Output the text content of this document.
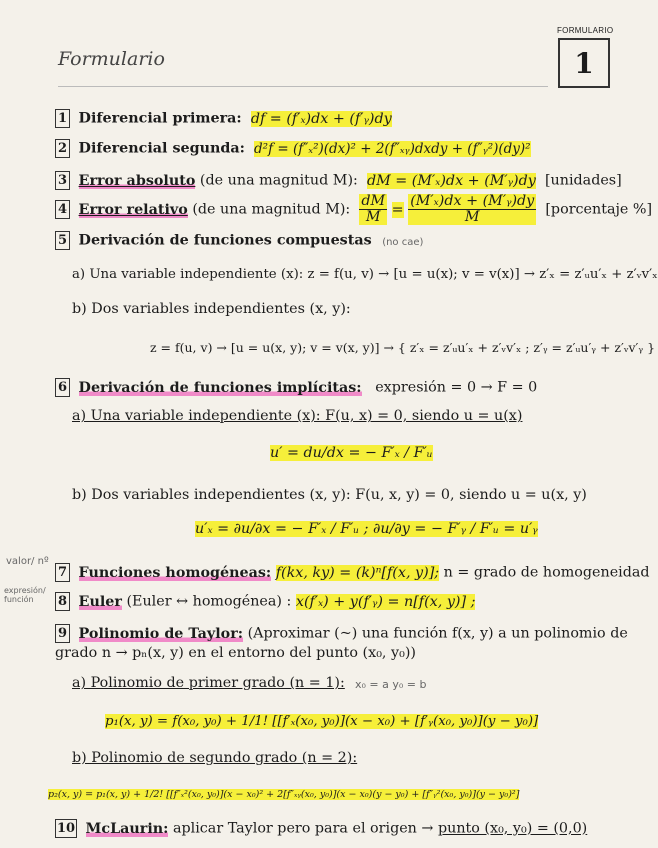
FORMULARIO
1
Formulario
1 Diferencial primera: df = (f′ₓ)dx + (f′ᵧ)dy
2 Diferencial segunda: d²f = (f″ₓ²)(dx)² + 2(f″ₓᵧ)dxdy + (f″ᵧ²)(dy)²
3 Error absoluto (de una magnitud M): dM = (M′ₓ)dx + (M′ᵧ)dy [unidades]
4 Error relativo (de una magnitud M): $\frac{dM}{M} = \frac{\text{(M′ₓ)dx + (M′ᵧ)dy}}{M}$ [porcentaje %]
5 Derivación de funciones compuestas (no cae)
a) Una variable independiente (x): z = f(u, v) → [u = u(x); v = v(x)] → z′ₓ = z′ᵤu′ₓ + z′ᵥv′ₓ
b) Dos variables independientes (x, y):
z = f(u, v) → [u = u(x, y); v = v(x, y)] → { z′ₓ = z′ᵤu′ₓ + z′ᵥv′ₓ ; z′ᵧ = z′ᵤu′ᵧ + z′ᵥv′ᵧ }
6 Derivación de funciones implícitas: expresión = 0 → F = 0
a) Una variable independiente (x): F(u, x) = 0, siendo u = u(x)
u′ = du/dx = − F′ₓ / F′ᵤ
b) Dos variables independientes (x, y): F(u, x, y) = 0, siendo u = u(x, y)
u′ₓ = ∂u/∂x = − F′ₓ / F′ᵤ ; ∂u/∂y = − F′ᵧ / F′ᵤ = u′ᵧ
valor/ nº
7 Funciones homogéneas: f(kx, ky) = (k)ⁿ[f(x, y)]; n = grado de homogeneidad
expresión/ función	8 Euler (Euler ↔ homogénea) : x(f′ₓ) + y(f′ᵧ) = n[f(x, y)] ;
9 Polinomio de Taylor: (Aproximar (~) una función f(x, y) a un polinomio de
grado n → pₙ(x, y) en el entorno del punto (x₀, y₀))
a) Polinomio de primer grado (n = 1): x₀ = a y₀ = b
p₁(x, y) = f(x₀, y₀) + 1/1! [[f′ₓ(x₀, y₀)](x − x₀) + [f′ᵧ(x₀, y₀)](y − y₀)]
b) Polinomio de segundo grado (n = 2):
p₂(x, y) = p₁(x, y) + 1/2! [[f″ₓ²(x₀, y₀)](x − x₀)² + 2[f″ₓᵧ(x₀, y₀)](x − x₀)(y − y₀) + [f″ᵧ²(x₀, y₀)](y − y₀)²]
10 McLaurin: aplicar Taylor pero para el origen → punto (x₀, y₀) = (0,0)
